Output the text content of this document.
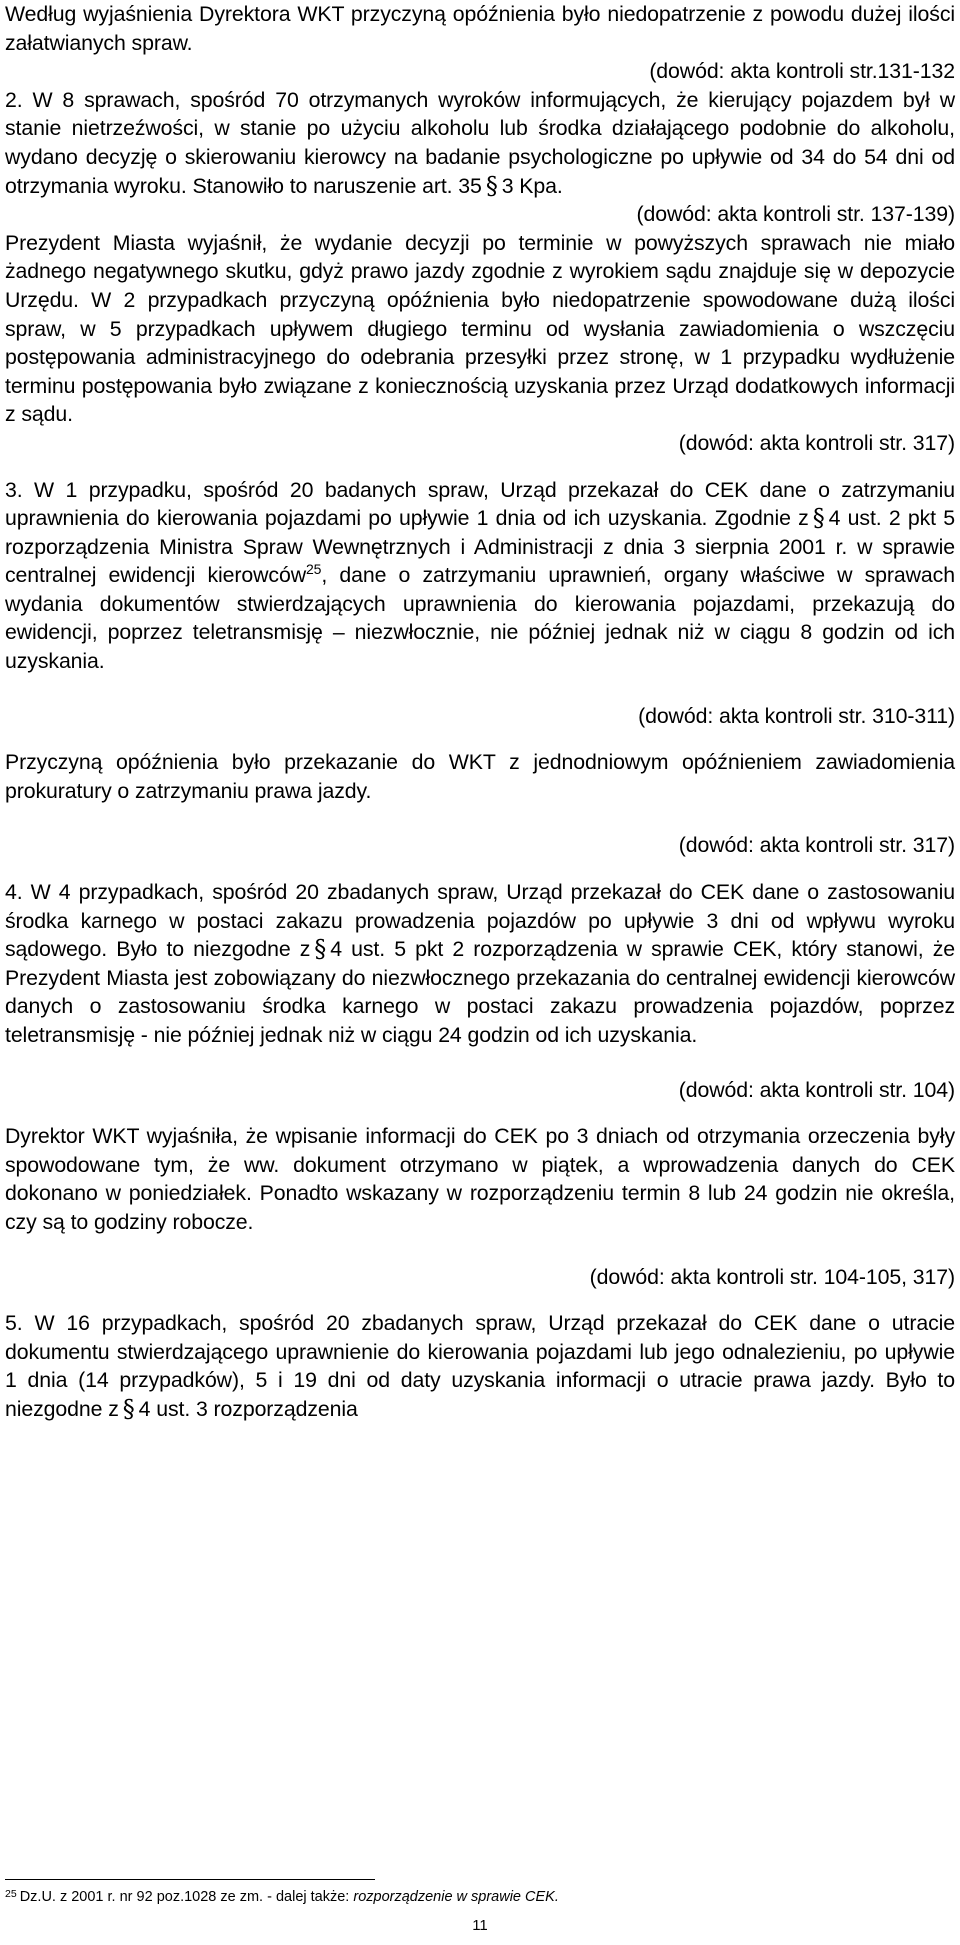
Według wyjaśnienia Dyrektora WKT przyczyną opóźnienia było niedopatrzenie z powodu dużej ilości załatwianych spraw.

(dowód: akta kontroli str.131-132

2. W 8 sprawach, spośród 70 otrzymanych wyroków informujących, że kierujący pojazdem był w stanie nietrzeźwości, w stanie po użyciu alkoholu lub środka działającego podobnie do alkoholu, wydano decyzję o skierowaniu kierowcy na badanie psychologiczne po upływie od 34 do 54 dni od otrzymania wyroku. Stanowiło to naruszenie art. 35 § 3 Kpa.

(dowód: akta kontroli str. 137-139)

Prezydent Miasta wyjaśnił, że wydanie decyzji po terminie w powyższych sprawach nie miało żadnego negatywnego skutku, gdyż prawo jazdy zgodnie z wyrokiem sądu znajduje się w depozycie Urzędu. W 2 przypadkach przyczyną opóźnienia było niedopatrzenie spowodowane dużą ilości spraw, w 5 przypadkach upływem długiego terminu od wysłania zawiadomienia o wszczęciu postępowania administracyjnego do odebrania przesyłki przez stronę, w 1 przypadku wydłużenie terminu postępowania było związane z koniecznością uzyskania przez Urząd dodatkowych informacji z sądu.

(dowód: akta kontroli str. 317)

3. W 1 przypadku, spośród 20 badanych spraw, Urząd przekazał do CEK dane o zatrzymaniu uprawnienia do kierowania pojazdami po upływie 1 dnia od ich uzyskania. Zgodnie z § 4 ust. 2 pkt 5 rozporządzenia Ministra Spraw Wewnętrznych i Administracji z dnia 3 sierpnia 2001 r. w sprawie centralnej ewidencji kierowców$^{25}$, dane o zatrzymaniu uprawnień, organy właściwe w sprawach wydania dokumentów stwierdzających uprawnienia do kierowania pojazdami, przekazują do ewidencji, poprzez teletransmisję – niezwłocznie, nie później jednak niż w ciągu 8 godzin od ich uzyskania.

(dowód: akta kontroli str. 310-311)

Przyczyną opóźnienia było przekazanie do WKT z jednodniowym opóźnieniem zawiadomienia prokuratury o zatrzymaniu prawa jazdy.

(dowód: akta kontroli str. 317)

4. W 4 przypadkach, spośród 20 zbadanych spraw, Urząd przekazał do CEK dane o zastosowaniu środka karnego w postaci zakazu prowadzenia pojazdów po upływie 3 dni od wpływu wyroku sądowego. Było to niezgodne z § 4 ust. 5 pkt 2 rozporządzenia w sprawie CEK, który stanowi, że Prezydent Miasta jest zobowiązany do niezwłocznego przekazania do centralnej ewidencji kierowców danych o zastosowaniu środka karnego w postaci zakazu prowadzenia pojazdów, poprzez teletransmisję - nie później jednak niż w ciągu 24 godzin od ich uzyskania.

(dowód: akta kontroli str. 104)

Dyrektor WKT wyjaśniła, że wpisanie informacji do CEK po 3 dniach od otrzymania orzeczenia były spowodowane tym, że ww. dokument otrzymano w piątek, a wprowadzenia danych do CEK dokonano w poniedziałek. Ponadto wskazany w rozporządzeniu termin 8 lub 24 godzin nie określa, czy są to godziny robocze.

(dowód: akta kontroli str. 104-105, 317)

5. W 16 przypadkach, spośród 20 zbadanych spraw, Urząd przekazał do CEK dane o utracie dokumentu stwierdzającego uprawnienie do kierowania pojazdami lub jego odnalezieniu, po upływie 1 dnia (14 przypadków), 5 i 19 dni od daty uzyskania informacji o utracie prawa jazdy. Było to niezgodne z § 4 ust. 3 rozporządzenia

$^{25}$ Dz.U. z 2001 r. nr 92 poz.1028 ze zm. - dalej także: rozporządzenie w sprawie CEK.
11
